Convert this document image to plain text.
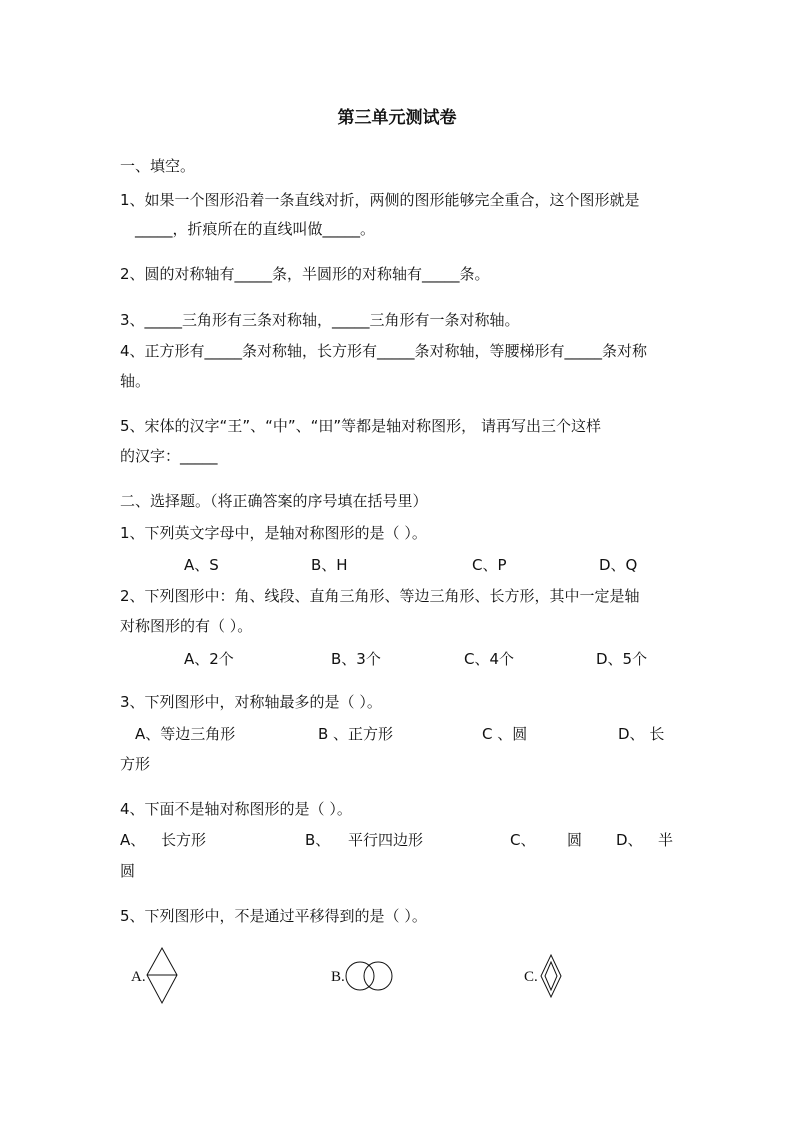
第三单元测试卷
一、填空。
1、如果一个图形沿着一条直线对折，两侧的图形能够完全重合，这个图形就是
_____，折痕所在的直线叫做_____。
2、圆的对称轴有_____条，半圆形的对称轴有_____条。
3、_____三角形有三条对称轴，_____三角形有一条对称轴。
4、正方形有_____条对称轴，长方形有_____条对称轴，等腰梯形有_____条对称
轴。
5、宋体的汉字“王”、“中”、“田”等都是轴对称图形， 请再写出三个这样
的汉字：_____
二、选择题。（将正确答案的序号填在括号里）
1、下列英文字母中，是轴对称图形的是（ ）。
A、S	B、H	C、P	D、Q
2、下列图形中：角、线段、直角三角形、等边三角形、长方形，其中一定是轴
对称图形的有（ ）。
A、2个	B、3个	C、4个	D、5个
3、下列图形中，对称轴最多的是（ ）。
A、等边三角形	B 、正方形	C 、圆	D、 长
方形
4、下面不是轴对称图形的是（ ）。
A、 长方形	B、 平行四边形	C、 圆 D、 半
圆
5、下列图形中，不是通过平移得到的是（ ）。
A.	B.	C.
